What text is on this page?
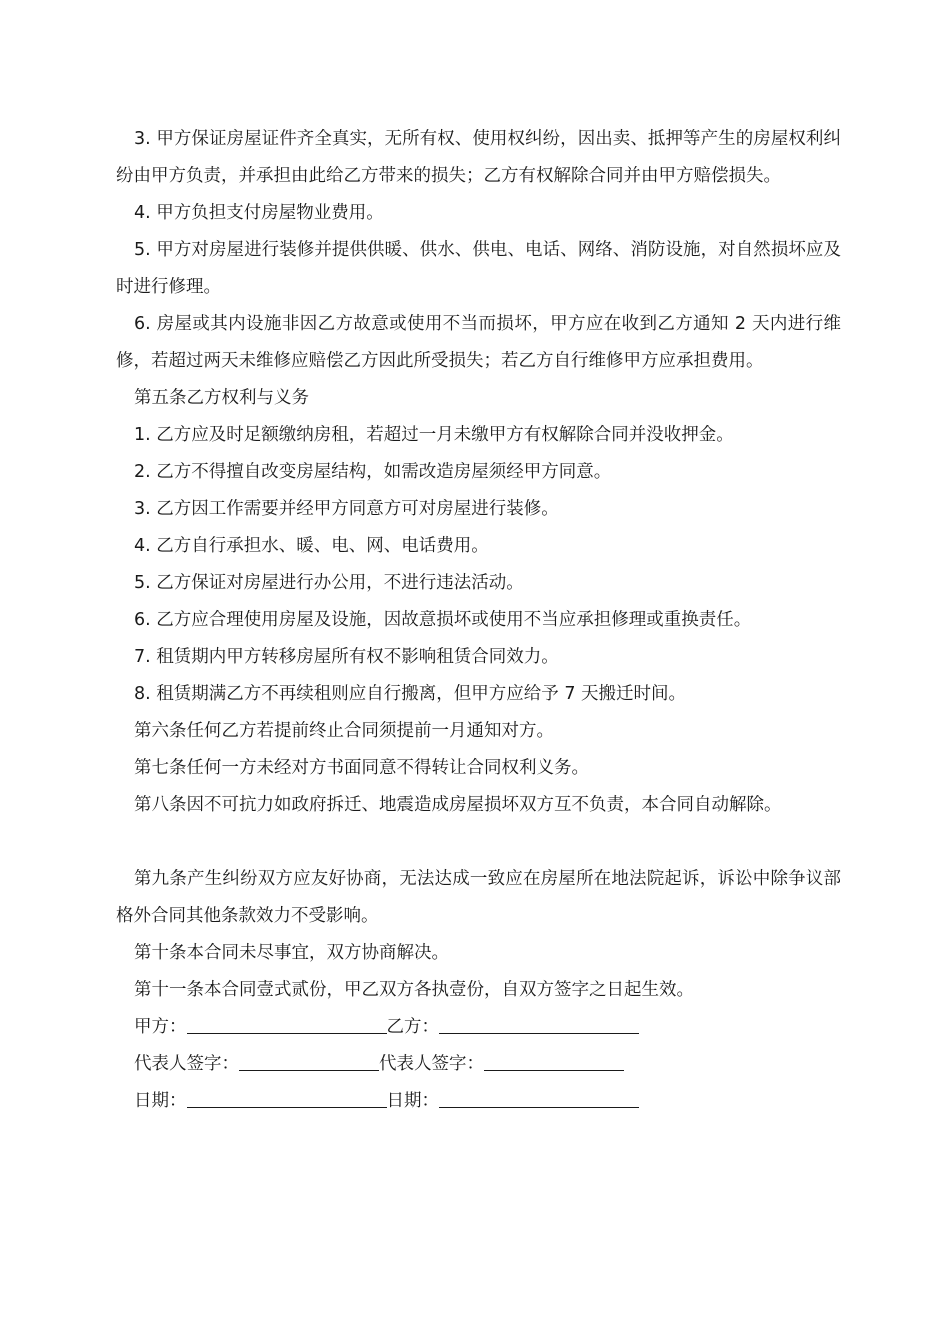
3. 甲方保证房屋证件齐全真实，无所有权、使用权纠纷，因出卖、抵押等产生的房屋权利纠纷由甲方负责，并承担由此给乙方带来的损失；乙方有权解除合同并由甲方赔偿损失。

4. 甲方负担支付房屋物业费用。

5. 甲方对房屋进行装修并提供供暖、供水、供电、电话、网络、消防设施，对自然损坏应及时进行修理。

6. 房屋或其内设施非因乙方故意或使用不当而损坏，甲方应在收到乙方通知 2 天内进行维修，若超过两天未维修应赔偿乙方因此所受损失；若乙方自行维修甲方应承担费用。

第五条乙方权利与义务

1. 乙方应及时足额缴纳房租，若超过一月未缴甲方有权解除合同并没收押金。

2. 乙方不得擅自改变房屋结构，如需改造房屋须经甲方同意。

3. 乙方因工作需要并经甲方同意方可对房屋进行装修。

4. 乙方自行承担水、暖、电、网、电话费用。

5. 乙方保证对房屋进行办公用，不进行违法活动。

6. 乙方应合理使用房屋及设施，因故意损坏或使用不当应承担修理或重换责任。

7. 租赁期内甲方转移房屋所有权不影响租赁合同效力。

8. 租赁期满乙方不再续租则应自行搬离，但甲方应给予 7 天搬迁时间。

第六条任何乙方若提前终止合同须提前一月通知对方。

第七条任何一方未经对方书面同意不得转让合同权利义务。

第八条因不可抗力如政府拆迁、地震造成房屋损坏双方互不负责，本合同自动解除。

第九条产生纠纷双方应友好协商，无法达成一致应在房屋所在地法院起诉，诉讼中除争议部格外合同其他条款效力不受影响。

第十条本合同未尽事宜，双方协商解决。

第十一条本合同壹式贰份，甲乙双方各执壹份，自双方签字之日起生效。

甲方：	乙方：

代表人签字：	代表人签字：

日期：	日期：
